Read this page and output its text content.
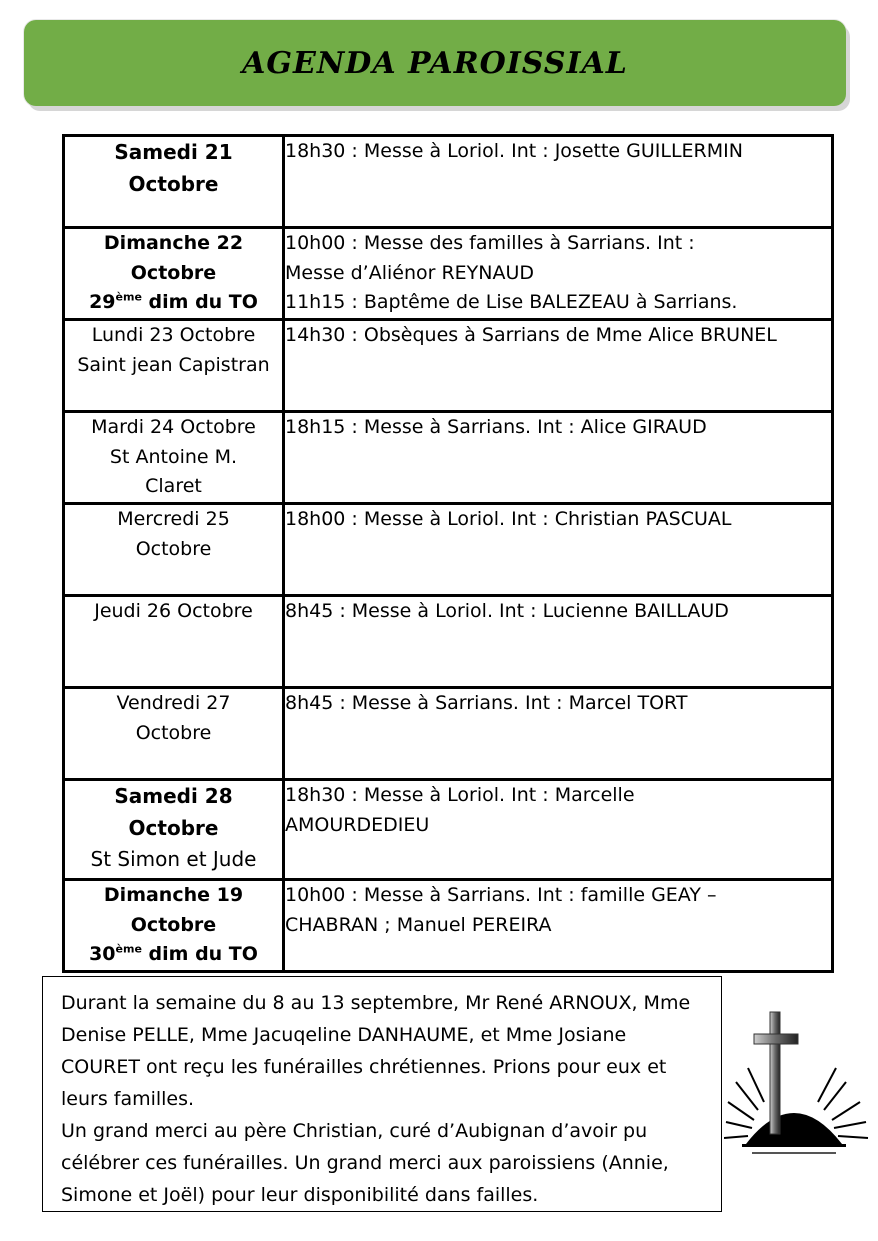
AGENDA PAROISSIAL
Samedi 21
Octobre	18h30 : Messe à Loriol. Int : Josette GUILLERMIN

Dimanche 22
Octobre
29ème dim du TO	10h00 : Messe des familles à Sarrians. Int :
Messe d’Aliénor REYNAUD
11h15 : Baptême de Lise BALEZEAU à Sarrians.

Lundi 23 Octobre
Saint jean Capistran	14h30 : Obsèques à Sarrians de Mme Alice BRUNEL

Mardi 24 Octobre
St Antoine M.
Claret	18h15 : Messe à Sarrians. Int : Alice GIRAUD

Mercredi 25
Octobre	18h00 : Messe à Loriol. Int : Christian PASCUAL

Jeudi 26 Octobre	8h45 : Messe à Loriol. Int : Lucienne BAILLAUD

Vendredi 27
Octobre	8h45 : Messe à Sarrians. Int : Marcel TORT

Samedi 28
Octobre
St Simon et Jude	18h30 : Messe à Loriol. Int : Marcelle
AMOURDEDIEU

Dimanche 19
Octobre
30ème dim du TO	10h00 : Messe à Sarrians. Int : famille GEAY –
CHABRAN ; Manuel PEREIRA

Durant la semaine du 8 au 13 septembre, Mr René ARNOUX, Mme Denise PELLE, Mme Jacuqeline DANHAUME, et Mme Josiane COURET ont reçu les funérailles chrétiennes. Prions pour eux et leurs familles.

Un grand merci au père Christian, curé d’Aubignan d’avoir pu célébrer ces funérailles. Un grand merci aux paroissiens (Annie, Simone et Joël) pour leur disponibilité dans failles.
